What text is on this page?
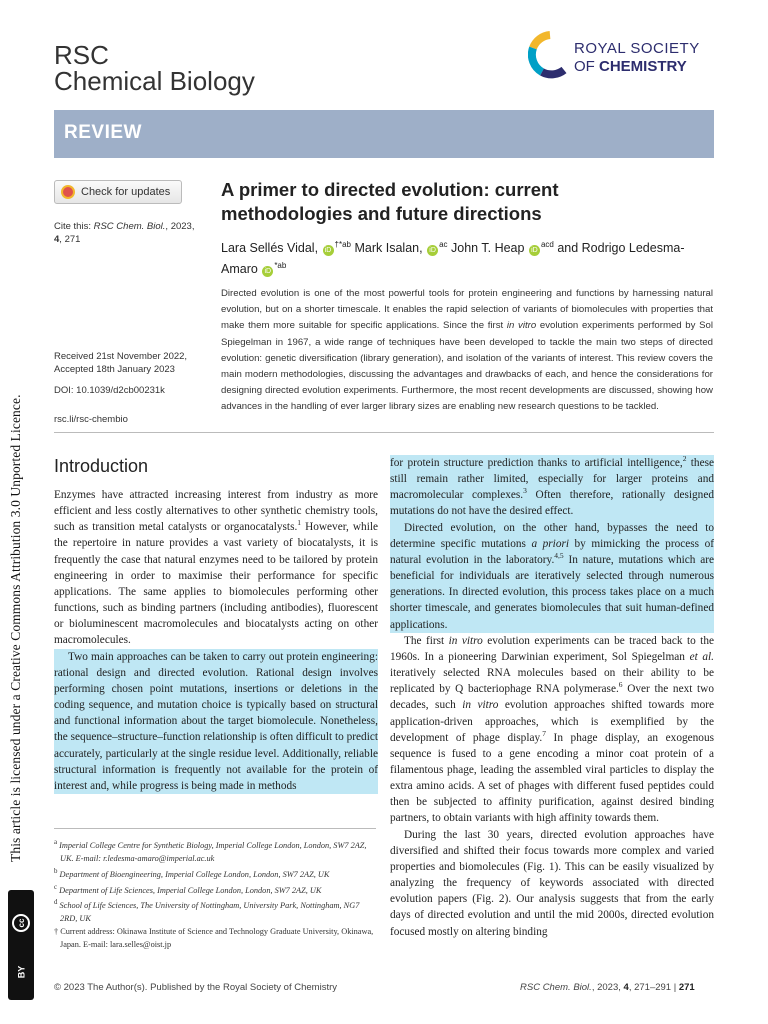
This article is licensed under a Creative Commons Attribution 3.0 Unported Licence.
cc
BY
RSC
Chemical Biology
ROYAL SOCIETY
OF CHEMISTRY
REVIEW
Check for updates
Cite this: RSC Chem. Biol., 2023, 4, 271
Received 21st November 2022,
Accepted 18th January 2023
DOI: 10.1039/d2cb00231k
rsc.li/rsc-chembio
A primer to directed evolution: current methodologies and future directions
Lara Sellés Vidal, $iD^{\dagger*ab}$ Mark Isalan, $iD^{ac}$ John T. Heap $iD^{acd}$ and Rodrigo Ledesma-Amaro $iD^{*ab}$
Directed evolution is one of the most powerful tools for protein engineering and functions by harnessing natural evolution, but on a shorter timescale. It enables the rapid selection of variants of biomolecules with properties that make them more suitable for specific applications. Since the first in vitro evolution experiments performed by Sol Spiegelman in 1967, a wide range of techniques have been developed to tackle the main two steps of directed evolution: genetic diversification (library generation), and isolation of the variants of interest. This review covers the main modern methodologies, discussing the advantages and drawbacks of each, and hence the considerations for designing directed evolution experiments. Furthermore, the most recent developments are discussed, showing how advances in the handling of ever larger library sizes are enabling new research questions to be tackled.
Introduction

Enzymes have attracted increasing interest from industry as more efficient and less costly alternatives to other synthetic chemistry tools, such as transition metal catalysts or organocatalysts.$^1$ However, while the repertoire in nature provides a vast variety of biocatalysts, it is frequently the case that natural enzymes need to be tailored by protein engineering in order to maximise their performance for specific applications. The same applies to biomolecules performing other functions, such as binding partners (including antibodies), fluorescent or bioluminescent macromolecules and biocatalysts acting on other macromolecules.

Two main approaches can be taken to carry out protein engineering: rational design and directed evolution. Rational design involves performing chosen point mutations, insertions or deletions in the coding sequence, and mutation choice is typically based on structural and functional information about the target biomolecule. Nonetheless, the sequence–structure–function relationship is often difficult to predict accurately, particularly at the single residue level. Additionally, reliable structural information is frequently not available for the protein of interest and, while progress is being made in methods

$^a$ Imperial College Centre for Synthetic Biology, Imperial College London, London, SW7 2AZ, UK. E-mail: r.ledesma-amaro@imperial.ac.uk
$^b$ Department of Bioengineering, Imperial College London, London, SW7 2AZ, UK
$^c$ Department of Life Sciences, Imperial College London, London, SW7 2AZ, UK
$^d$ School of Life Sciences, The University of Nottingham, University Park, Nottingham, NG7 2RD, UK
† Current address: Okinawa Institute of Science and Technology Graduate University, Okinawa, Japan. E-mail: lara.selles@oist.jp

for protein structure prediction thanks to artificial intelligence,$^2$ these still remain rather limited, especially for larger proteins and macromolecular complexes.$^3$ Often therefore, rationally designed mutations do not have the desired effect.

Directed evolution, on the other hand, bypasses the need to determine specific mutations a priori by mimicking the process of natural evolution in the laboratory.$^{4,5}$ In nature, mutations which are beneficial for individuals are iteratively selected through numerous generations. In directed evolution, this process takes place on a much shorter timescale, and generates biomolecules that suit human-defined applications.

The first in vitro evolution experiments can be traced back to the 1960s. In a pioneering Darwinian experiment, Sol Spiegelman et al. iteratively selected RNA molecules based on their ability to be replicated by Q bacteriophage RNA polymerase.$^6$ Over the next two decades, such in vitro evolution approaches shifted towards more application-driven approaches, which is exemplified by the development of phage display.$^7$ In phage display, an exogenous sequence is fused to a gene encoding a minor coat protein of a filamentous phage, leading the assembled viral particles to display the extra amino acids. A set of phages with different fused peptides could then be subjected to affinity purification, against desired binding partners, to obtain variants with high affinity towards them.

During the last 30 years, directed evolution approaches have diversified and shifted their focus towards more complex and varied properties and biomolecules (Fig. 1). This can be easily visualized by analyzing the frequency of keywords associated with directed evolution papers (Fig. 2). Our analysis suggests that from the early days of directed evolution and until the mid 2000s, directed evolution focused mostly on altering binding

© 2023 The Author(s). Published by the Royal Society of Chemistry	RSC Chem. Biol., 2023, 4, 271–291 | 271
